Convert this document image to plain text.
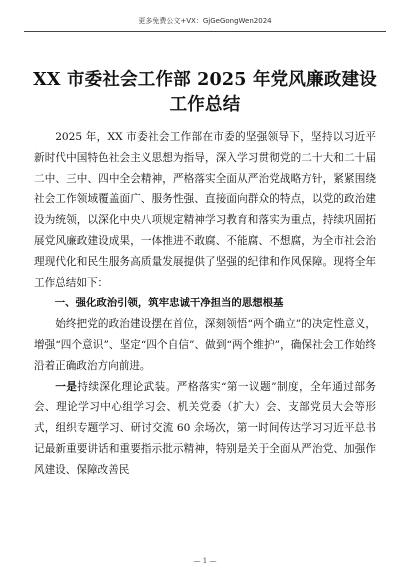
更多免费公文+VX：GjGeGongWen2024
XX 市委社会工作部 2025 年党风廉政建设
工作总结

2025 年，XX 市委社会工作部在市委的坚强领导下，坚持以习近平新时代中国特色社会主义思想为指导，深入学习贯彻党的二十大和二十届二中、三中、四中全会精神，严格落实全面从严治党战略方针，紧紧围绕社会工作领域覆盖面广、服务性强、直接面向群众的特点，以党的政治建设为统领，以深化中央八项规定精神学习教育和落实为重点，持续巩固拓展党风廉政建设成果，一体推进不敢腐、不能腐、不想腐，为全市社会治理现代化和民生服务高质量发展提供了坚强的纪律和作风保障。现将全年工作总结如下：

一、强化政治引领，筑牢忠诚干净担当的思想根基

始终把党的政治建设摆在首位，深刻领悟“两个确立”的决定性意义，增强“四个意识”、坚定“四个自信”、做到“两个维护”，确保社会工作始终沿着正确政治方向前进。

一是持续深化理论武装。严格落实“第一议题”制度，全年通过部务会、理论学习中心组学习会、机关党委（扩大）会、支部党员大会等形式，组织专题学习、研讨交流 60 余场次，第一时间传达学习习近平总书记最新重要讲话和重要指示批示精神，特别是关于全面从严治党、加强作风建设、保障改善民

— 1 —
